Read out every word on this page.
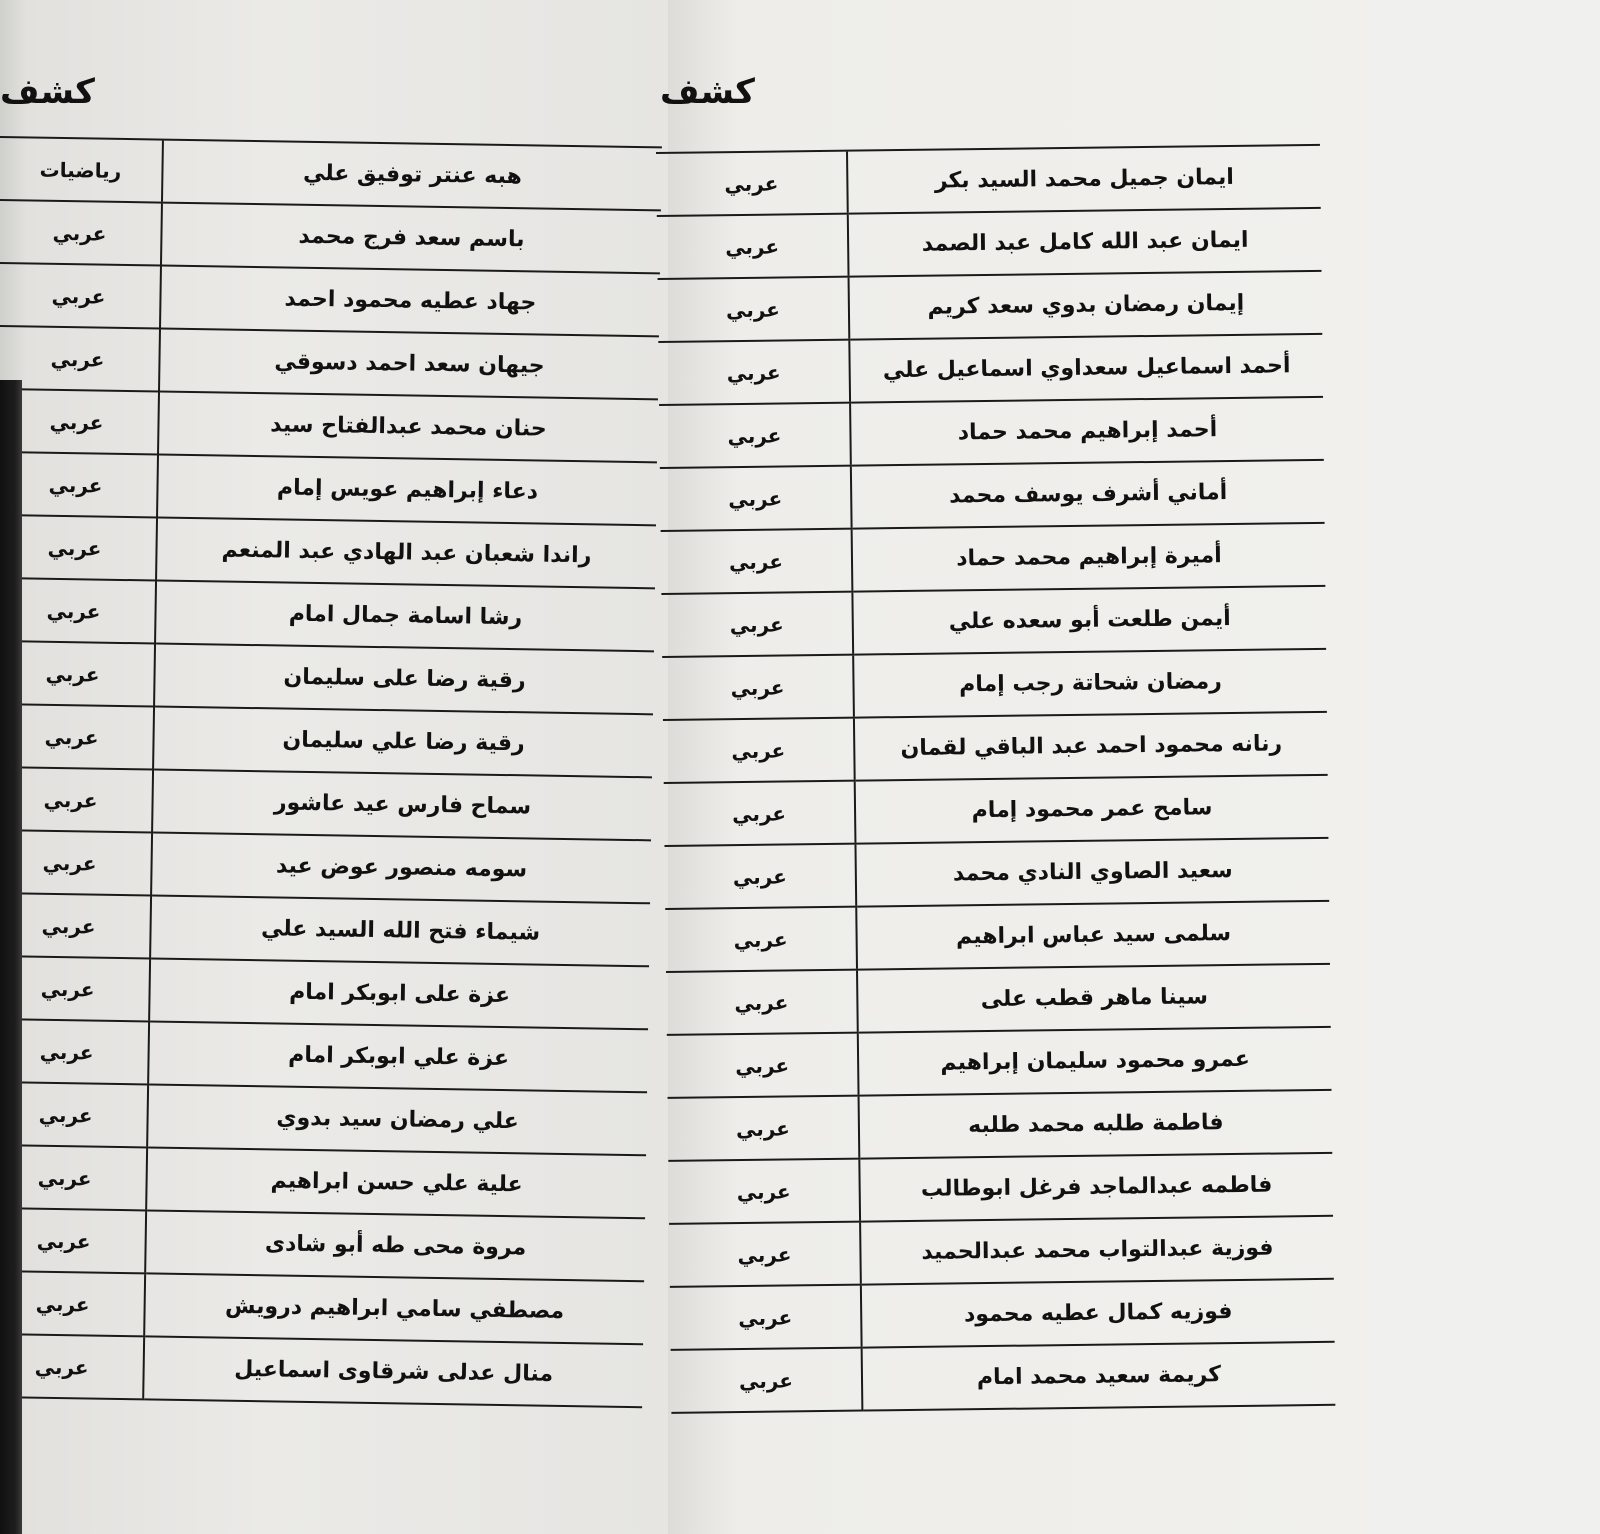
كشف
رياضيات	هبه عنتر توفيق علي
عربي	باسم سعد فرج محمد
عربي	جهاد عطيه محمود احمد
عربي	جيهان سعد احمد دسوقي
عربي	حنان محمد عبدالفتاح سيد
عربي	دعاء إبراهيم عويس إمام
عربي	راندا شعبان عبد الهادي عبد المنعم
عربي	رشا اسامة جمال امام
عربي	رقية رضا على سليمان
عربي	رقية رضا علي سليمان
عربي	سماح فارس عيد عاشور
عربي	سومه منصور عوض عيد
عربي	شيماء فتح الله السيد علي
عربي	عزة على ابوبكر امام
عربي	عزة علي ابوبكر امام
عربي	علي رمضان سيد بدوي
عربي	علية علي حسن ابراهيم
عربي	مروة محى طه أبو شادى
عربي	مصطفي سامي ابراهيم درويش
عربي	منال عدلى شرقاوى اسماعيل
كشف
عربي	ايمان جميل محمد السيد بكر
عربي	ايمان عبد الله كامل عبد الصمد
عربي	إيمان رمضان بدوي سعد كريم
عربي	أحمد اسماعيل سعداوي اسماعيل علي
عربي	أحمد إبراهيم محمد حماد
عربي	أماني أشرف يوسف محمد
عربي	أميرة إبراهيم محمد حماد
عربي	أيمن طلعت أبو سعده علي
عربي	رمضان شحاتة رجب إمام
عربي	رنانه محمود احمد عبد الباقي لقمان
عربي	سامح عمر محمود إمام
عربي	سعيد الصاوي النادي محمد
عربي	سلمى سيد عباس ابراهيم
عربي	سينا ماهر قطب على
عربي	عمرو محمود سليمان إبراهيم
عربي	فاطمة طلبه محمد طلبه
عربي	فاطمه عبدالماجد فرغل ابوطالب
عربي	فوزية عبدالتواب محمد عبدالحميد
عربي	فوزيه كمال عطيه محمود
عربي	كريمة سعيد محمد امام
